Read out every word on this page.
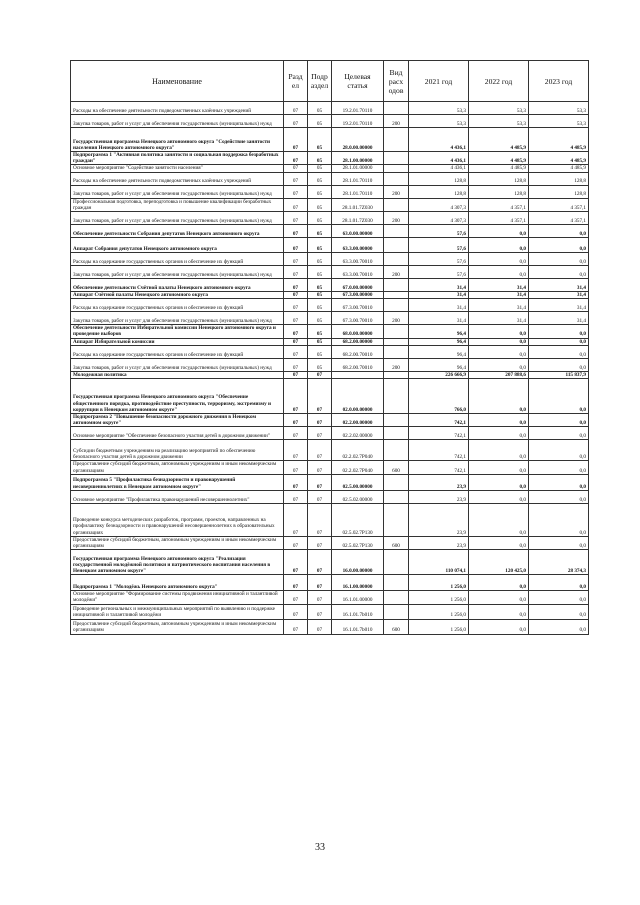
Наименование	Разд ел	Подр аздел	Целевая статья	Вид расх одов	2021 год	2022 год	2023 год
Расходы на обеспечение деятельности подведомственных казённых учреждений	07	05	19.2.01.70110		53,3	53,3	53,3
Закупка товаров, работ и услуг для обеспечения государственных (муниципальных) нужд	07	05	19.2.01.70110	200	53,3	53,3	53,3
Государственная программа Ненецкого автономного округа "Содействие занятости населения Ненецкого автономного округа"	07	05	28.0.00.00000		4 436,1	4 485,9	4 485,9
Подпрограмма 1 "Активная политика занятости и социальная поддержка безработных граждан"	07	05	28.1.00.00000		4 436,1	4 485,9	4 485,9
Основное мероприятие "Содействие занятости населения"	07	05	28.1.01.00000		4 436,1	4 485,9	4 485,9
Расходы на обеспечение деятельности подведомственных казённых учреждений	07	05	28.1.01.70110		128,8	128,8	128,8
Закупка товаров, работ и услуг для обеспечения государственных (муниципальных) нужд	07	05	28.1.01.70110	200	128,8	128,8	128,8
Профессиональная подготовка, переподготовка и повышение квалификации безработных граждан	07	05	28.1.01.7Z030		4 307,3	4 357,1	4 357,1
Закупка товаров, работ и услуг для обеспечения государственных (муниципальных) нужд	07	05	28.1.01.7Z030	200	4 307,3	4 357,1	4 357,1
Обеспечение деятельности Собрания депутатов Ненецкого автономного округа	07	05	63.0.00.00000		57,6	0,0	0,0
Аппарат Собрания депутатов Ненецкого автономного округа	07	05	63.3.00.00000		57,6	0,0	0,0
Расходы на содержание государственных органов и обеспечение их функций	07	05	63.3.00.70010		57,6	0,0	0,0
Закупка товаров, работ и услуг для обеспечения государственных (муниципальных) нужд	07	05	63.3.00.70010	200	57,6	0,0	0,0
Обеспечение деятельности Счётной палаты Ненецкого автономного округа	07	05	67.0.00.00000		31,4	31,4	31,4
Аппарат Счётной палаты Ненецкого автономного округа	07	05	67.3.00.00000		31,4	31,4	31,4
Расходы на содержание государственных органов и обеспечение их функций	07	05	67.3.00.70010		31,4	31,4	31,4
Закупка товаров, работ и услуг для обеспечения государственных (муниципальных) нужд	07	05	67.3.00.70010	200	31,4	31,4	31,4
Обеспечение деятельности Избирательной комиссии Ненецкого автономного округа и проведение выборов	07	05	68.0.00.00000		96,4	0,0	0,0
Аппарат Избирательной комиссии	07	05	68.2.00.00000		96,4	0,0	0,0
Расходы на содержание государственных органов и обеспечение их функций	07	05	68.2.00.70010		96,4	0,0	0,0
Закупка товаров, работ и услуг для обеспечения государственных (муниципальных) нужд	07	05	68.2.00.70010	200	96,4	0,0	0,0
Молодежная политика	07	07			226 666,9	207 888,6	115 837,9
Государственная программа Ненецкого автономного округа "Обеспечение общественного порядка, противодействие преступности, терроризму, экстремизму и коррупции в Ненецком автономном округе"	07	07	02.0.00.00000		766,0	0,0	0,0
Подпрограмма 2 "Повышение безопасности дорожного движения в Ненецком автономном округе"	07	07	02.2.00.00000		742,1	0,0	0,0
Основное мероприятие "Обеспечение безопасного участия детей в дорожном движении"	07	07	02.2.02.00000		742,1	0,0	0,0
Субсидии бюджетным учреждениям на реализацию мероприятий по обеспечению безопасного участия детей в дорожном движении	07	07	02.2.02.7P040		742,1	0,0	0,0
Предоставление субсидий бюджетным, автономным учреждениям и иным некоммерческим организациям	07	07	02.2.02.7P040	600	742,1	0,0	0,0
Подпрограмма 5 "Профилактика безнадзорности и правонарушений несовершеннолетних в Ненецком автономном округе"	07	07	02.5.00.00000		23,9	0,0	0,0
Основное мероприятие "Профилактика правонарушений несовершеннолетних"	07	07	02.5.02.00000		23,9	0,0	0,0
Проведение конкурса методических разработок, программ, проектов, направленных на профилактику безнадзорности и правонарушений несовершеннолетних в образовательных организациях	07	07	02.5.02.7P130		23,9	0,0	0,0
Предоставление субсидий бюджетным, автономным учреждениям и иным некоммерческим организациям	07	07	02.5.02.7P130	600	23,9	0,0	0,0
Государственная программа Ненецкого автономного округа "Реализация государственной молодёжной политики и патриотического воспитания населения в Ненецком автономном округе"	07	07	16.0.00.00000		110 074,1	120 425,0	28 374,3
Подпрограмма 1 "Молодёжь Ненецкого автономного округа"	07	07	16.1.00.00000		1 256,0	0,0	0,0
Основное мероприятие "Формирование системы продвижения инициативной и талантливой молодёжи"	07	07	16.1.01.00000		1 256,0	0,0	0,0
Проведение региональных и межмуниципальных мероприятий по выявлению и поддержке инициативной и талантливой молодёжи	07	07	16.1.01.7b010		1 256,0	0,0	0,0
Предоставление субсидий бюджетным, автономным учреждениям и иным некоммерческим организациям	07	07	16.1.01.7b010	600	1 256,0	0,0	0,0
33
